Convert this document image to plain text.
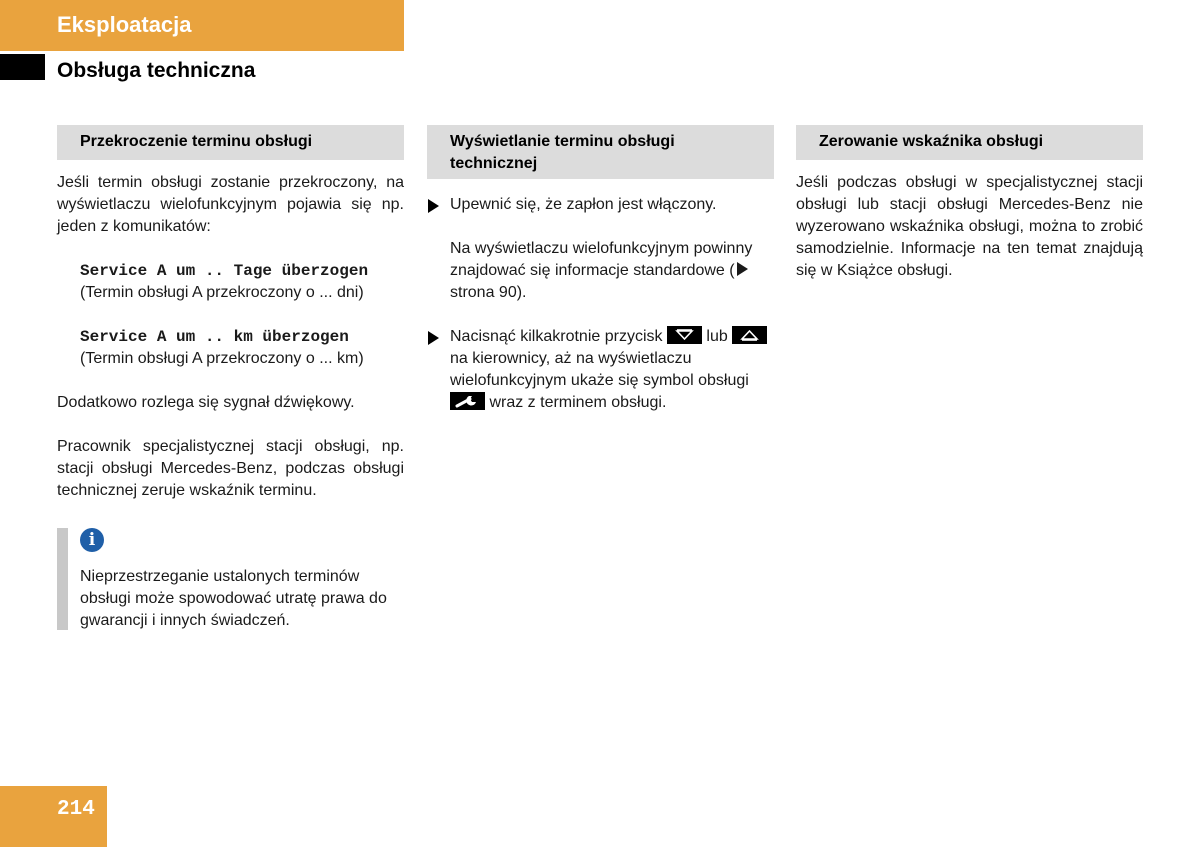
Eksploatacja
Obsługa techniczna
Przekroczenie terminu obsługi
Jeśli termin obsługi zostanie przekroczony, na wyświetlaczu wielofunkcyjnym pojawia się np. jeden z komunikatów:
Service A um .. Tage überzogen
(Termin obsługi A przekroczony o ... dni)
Service A um .. km überzogen
(Termin obsługi A przekroczony o ... km)
Dodatkowo rozlega się sygnał dźwiękowy.
Pracownik specjalistycznej stacji obsługi, np. stacji obsługi Mercedes-Benz, podczas obsługi technicznej zeruje wskaźnik terminu.
i
Nieprzestrzeganie ustalonych terminów obsługi może spowodować utratę prawa do gwarancji i innych świadczeń.
Wyświetlanie terminu obsługi technicznej
Upewnić się, że zapłon jest włączony.
Na wyświetlaczu wielofunkcyjnym powinny znajdować się informacje standardowe (strona 90).
Nacisnąć kilkakrotnie przycisk	lub
na kierownicy, aż na wyświetlaczu wielofunkcyjnym ukaże się symbol obsługi
wraz z terminem obsługi.
Zerowanie wskaźnika obsługi
Jeśli podczas obsługi w specjalistycznej stacji obsługi lub stacji obsługi Mercedes-Benz nie wyzerowano wskaźnika obsługi, można to zrobić samodzielnie. Informacje na ten temat znajdują się w Książce obsługi.
214
